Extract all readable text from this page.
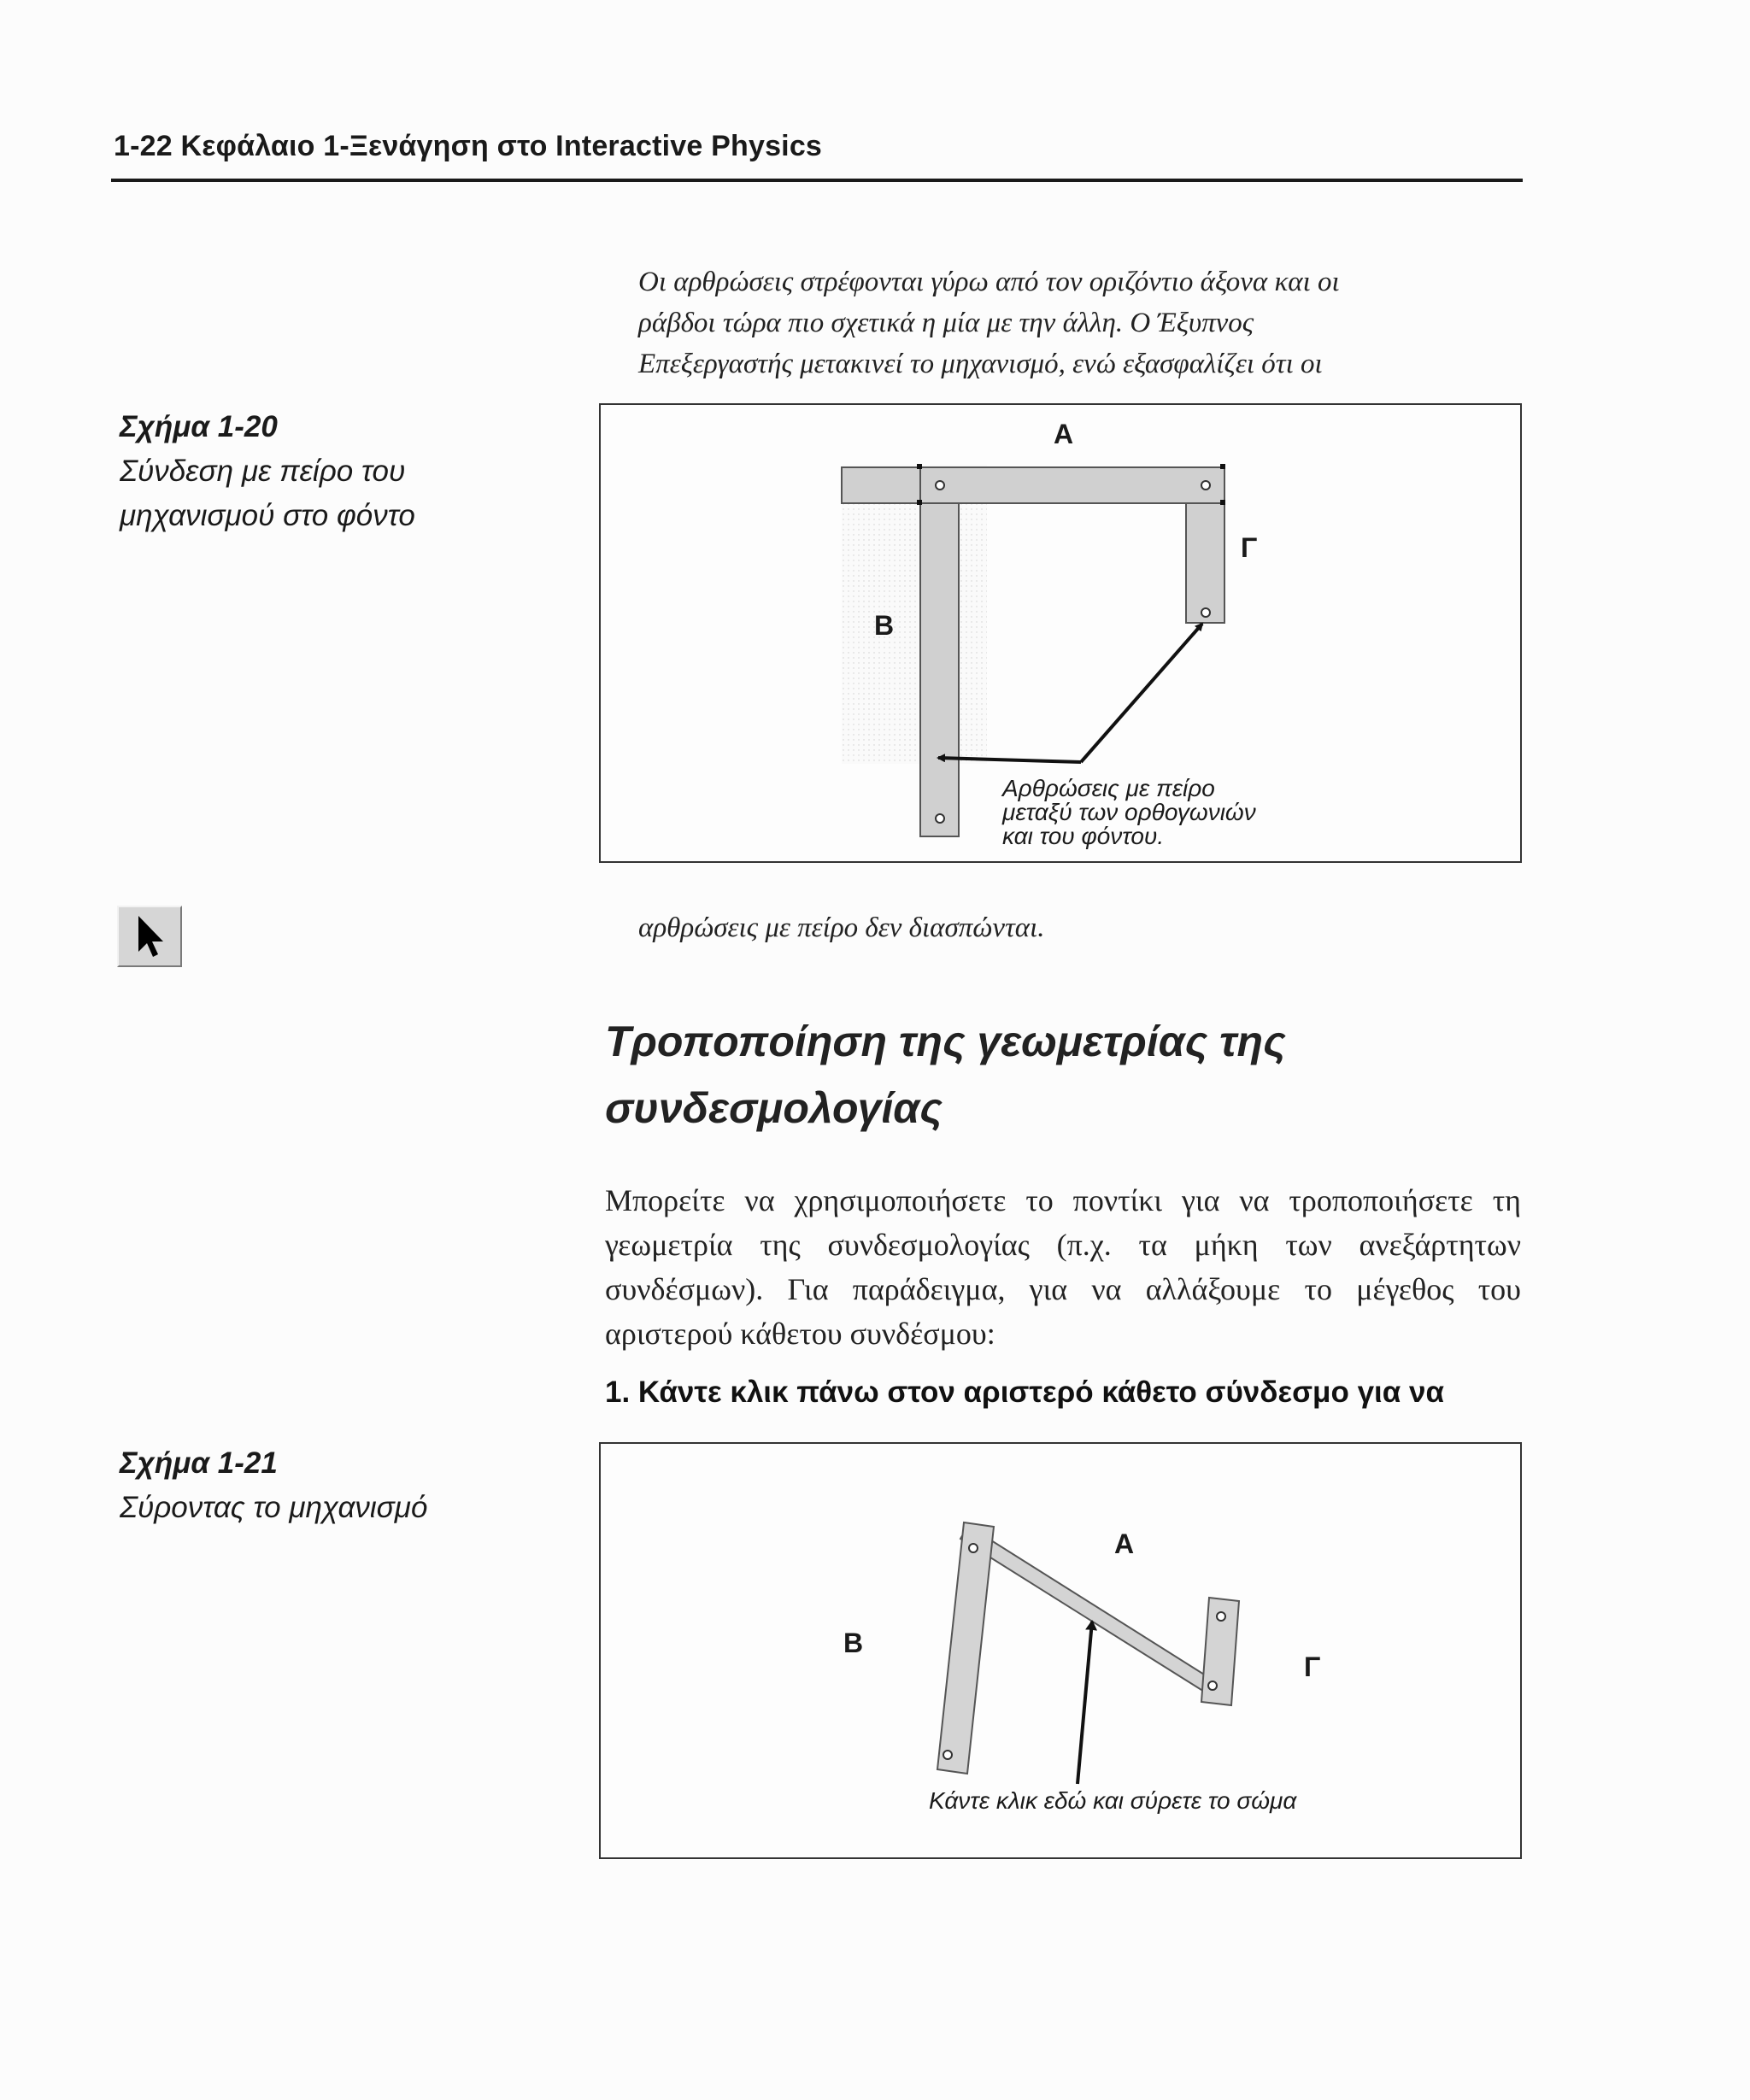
1-22 Κεφάλαιο 1-Ξενάγηση στο Interactive Physics
Οι αρθρώσεις στρέφονται γύρω από τον οριζόντιο άξονα και οι
ράβδοι τώρα πιο σχετικά η μία με την άλλη. Ο Έξυπνος
Επεξεργαστής μετακινεί το μηχανισμό, ενώ εξασφαλίζει ότι οι
Σχήμα 1-20
Σύνδεση με πείρο του
μηχανισμού στο φόντο
Α
Β
Γ
Αρθρώσεις με πείρο
μεταξύ των ορθογωνιών
και του φόντου.
αρθρώσεις με πείρο δεν διασπώνται.
Τροποποίηση της γεωμετρίας της
συνδεσμολογίας
Μπορείτε να χρησιμοποιήσετε το ποντίκι για να τροποποιήσετε τη γεωμετρία της συνδεσμολογίας (π.χ. τα μήκη των ανεξάρτητων συνδέσμων). Για παράδειγμα, για να αλλάξουμε το μέγεθος του αριστερού κάθετου συνδέσμου:
1. Κάντε κλικ πάνω στον αριστερό κάθετο σύνδεσμο για να
Σχήμα 1-21
Σύροντας το μηχανισμό
Α
Β
Γ
Κάντε κλικ εδώ και σύρετε το σώμα
